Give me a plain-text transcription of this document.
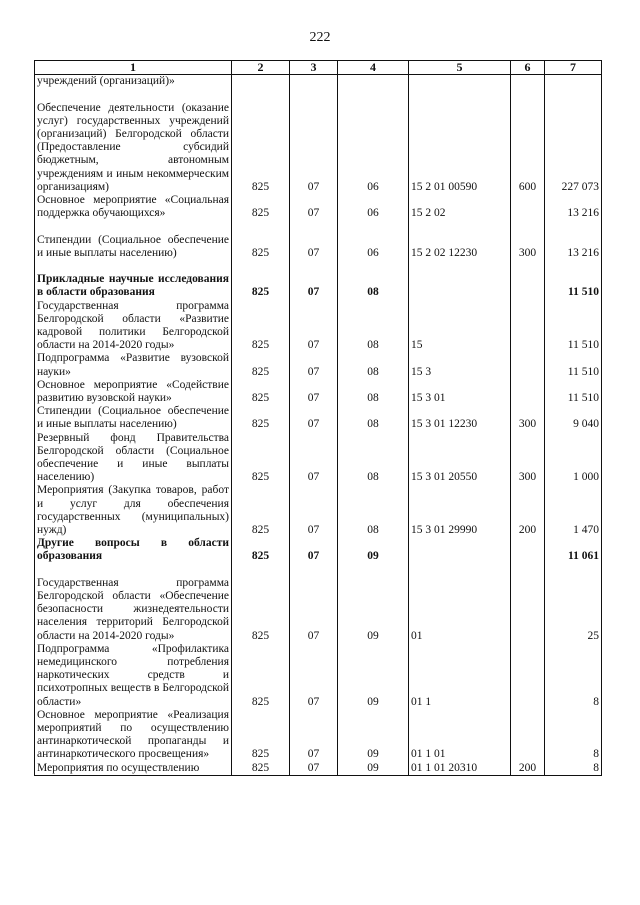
222
1	2	3	4	5	6	7
учреждений (организаций)»						
Обеспечение деятельности (оказание услуг) государственных учреждений (организаций) Белгородской области (Предоставление субсидий бюджетным, автономным учреждениям и иным некоммерческим организациям)	825	07	06	15 2 01 00590	600	227 073
Основное мероприятие «Социальная поддержка обучающихся»	825	07	06	15 2 02		13 216
Стипендии (Социальное обеспечение и иные выплаты населению)	825	07	06	15 2 02 12230	300	13 216
Прикладные научные исследования в области образования	825	07	08			11 510
Государственная программа Белгородской области «Развитие кадровой политики Белгородской области на 2014-2020 годы»	825	07	08	15		11 510
Подпрограмма «Развитие вузовской науки»	825	07	08	15 3		11 510
Основное мероприятие «Содействие развитию вузовской науки»	825	07	08	15 3 01		11 510
Стипендии (Социальное обеспечение и иные выплаты населению)	825	07	08	15 3 01 12230	300	9 040
Резервный фонд Правительства Белгородской области (Социальное обеспечение и иные выплаты населению)	825	07	08	15 3 01 20550	300	1 000
Мероприятия (Закупка товаров, работ и услуг для обеспечения государственных (муниципальных) нужд)	825	07	08	15 3 01 29990	200	1 470
Другие вопросы в области образования	825	07	09			11 061
Государственная программа Белгородской области «Обеспечение безопасности жизнедеятельности населения территорий Белгородской области на 2014-2020 годы»	825	07	09	01		25
Подпрограмма «Профилактика немедицинского потребления наркотических средств и психотропных веществ в Белгородской области»	825	07	09	01 1		8
Основное мероприятие «Реализация мероприятий по осуществлению антинаркотической пропаганды и антинаркотического просвещения»	825	07	09	01 1 01		8
Мероприятия по осуществлению	825	07	09	01 1 01 20310	200	8
